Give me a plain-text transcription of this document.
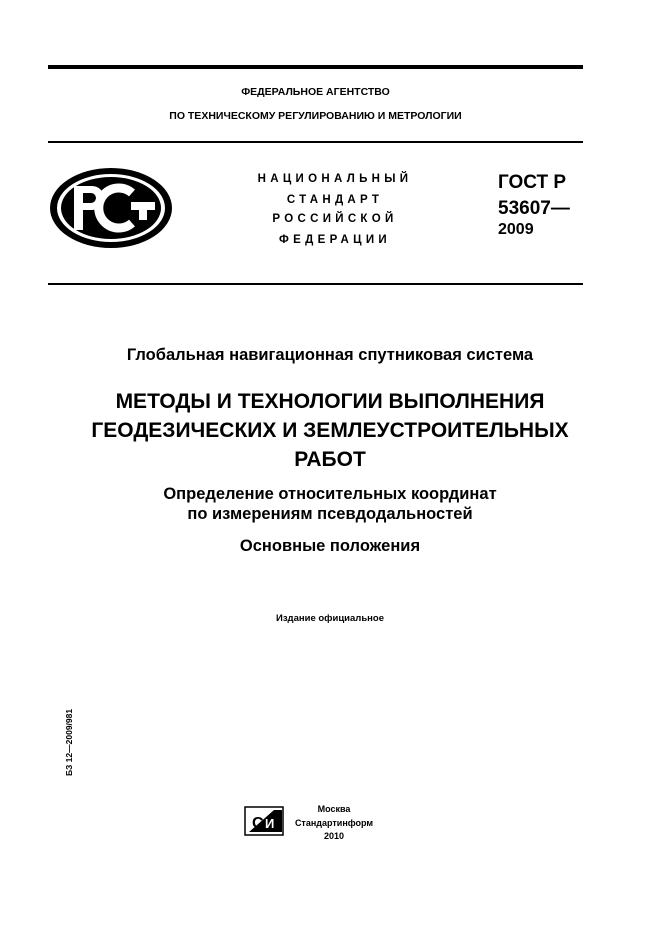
ФЕДЕРАЛЬНОЕ АГЕНТСТВО
ПО ТЕХНИЧЕСКОМУ РЕГУЛИРОВАНИЮ И МЕТРОЛОГИИ
НАЦИОНАЛЬНЫЙ
СТАНДАРТ
РОССИЙСКОЙ
ФЕДЕРАЦИИ
ГОСТ Р
53607—
2009
Глобальная навигационная спутниковая система
МЕТОДЫ И ТЕХНОЛОГИИ ВЫПОЛНЕНИЯ
ГЕОДЕЗИЧЕСКИХ И ЗЕМЛЕУСТРОИТЕЛЬНЫХ
РАБОТ
Определение относительных координат
по измерениям псевдодальностей
Основные положения
Издание официальное
БЗ 12—2009/981
С И
Москва
Стандартинформ
2010
